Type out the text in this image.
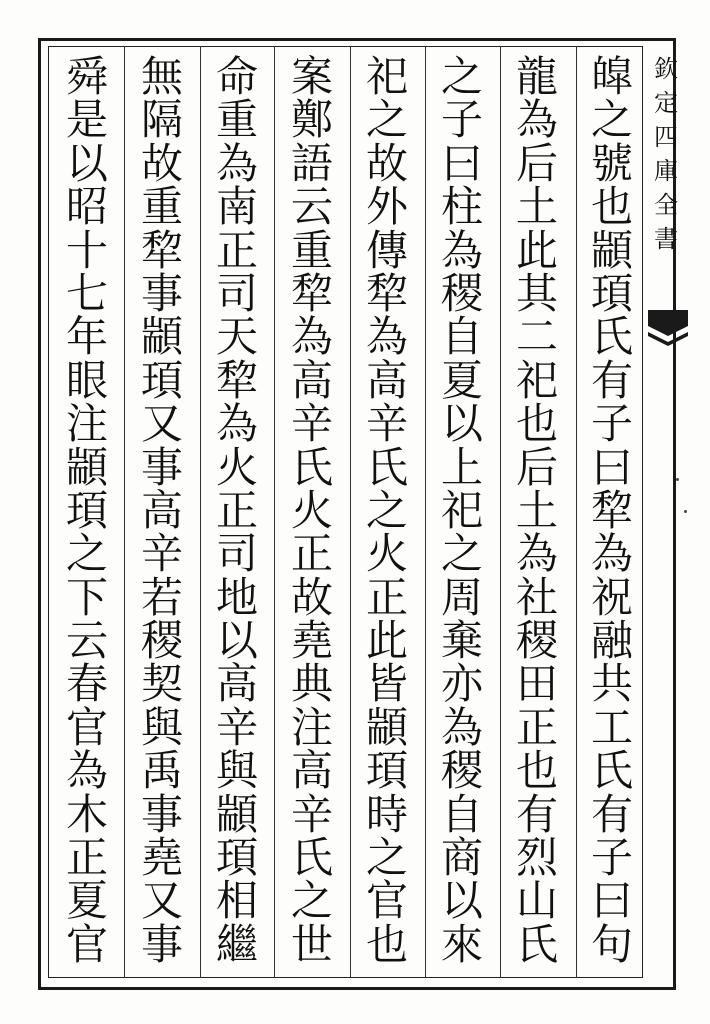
皡
之
號
也
顓
頊
氏
有
子
曰
犂
為
祝
融
共
工
氏
有
子
曰
句
龍
為
后
土
此
其
二
祀
也
后
土
為
社
稷
田
正
也
有
烈
山
氏
之
子
曰
柱
為
稷
自
夏
以
上
祀
之
周
棄
亦
為
稷
自
商
以
來
祀
之
故
外
傳
犂
為
高
辛
氏
之
火
正
此
皆
顓
頊
時
之
官
也
案
鄭
語
云
重
犂
為
高
辛
氏
火
正
故
堯
典
注
高
辛
氏
之
世
命
重
為
南
正
司
天
犂
為
火
正
司
地
以
高
辛
與
顓
頊
相
繼
無
隔
故
重
犂
事
顓
頊
又
事
高
辛
若
稷
契
與
禹
事
堯
又
事
舜
是
以
昭
十
七
年
眼
注
顓
頊
之
下
云
春
官
為
木
正
夏
官
欽
定
四
庫
全
書
